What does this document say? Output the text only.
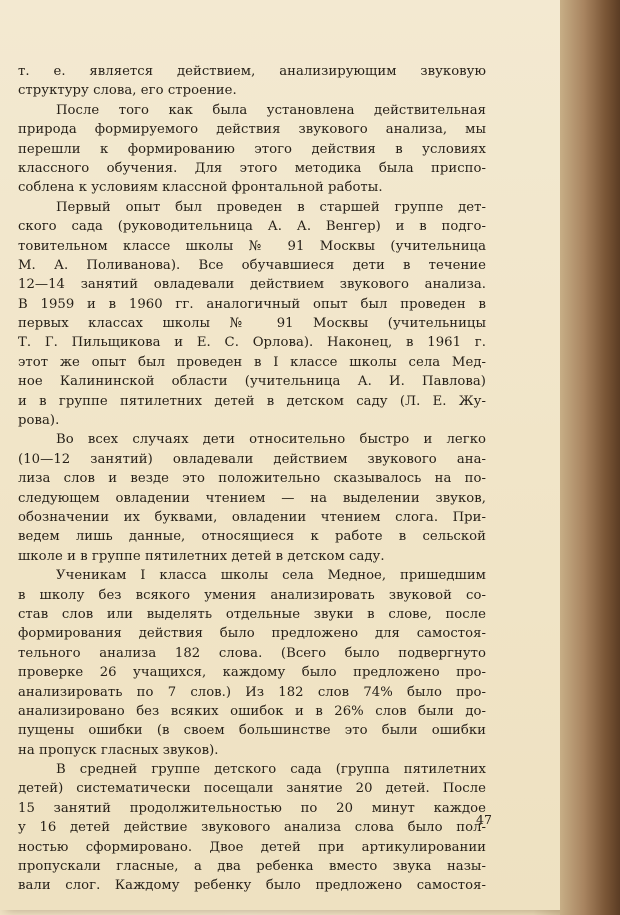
т. е. является действием, анализирующим звуковую
структуру слова, его строение.
После того как была установлена действительная
природа формируемого действия звукового анализа, мы
перешли к формированию этого действия в условиях
классного обучения. Для этого методика была приспо-
соблена к условиям классной фронтальной работы.
Первый опыт был проведен в старшей группе дет-
ского сада (руководительница А. А. Венгер) и в подго-
товительном классе школы № 91 Москвы (учительница
М. А. Поливанова). Все обучавшиеся дети в течение
12—14 занятий овладевали действием звукового анализа.
В 1959 и в 1960 гг. аналогичный опыт был проведен в
первых классах школы № 91 Москвы (учительницы
Т. Г. Пильщикова и Е. С. Орлова). Наконец, в 1961 г.
этот же опыт был проведен в I классе школы села Мед-
ное Калининской области (учительница А. И. Павлова)
и в группе пятилетних детей в детском саду (Л. Е. Жу-
рова).
Во всех случаях дети относительно быстро и легко
(10—12 занятий) овладевали действием звукового ана-
лиза слов и везде это положительно сказывалось на по-
следующем овладении чтением — на выделении звуков,
обозначении их буквами, овладении чтением слога. При-
ведем лишь данные, относящиеся к работе в сельской
школе и в группе пятилетних детей в детском саду.
Ученикам I класса школы села Медное, пришедшим
в школу без всякого умения анализировать звуковой со-
став слов или выделять отдельные звуки в слове, после
формирования действия было предложено для самостоя-
тельного анализа 182 слова. (Всего было подвергнуто
проверке 26 учащихся, каждому было предложено про-
анализировать по 7 слов.) Из 182 слов 74% было про-
анализировано без всяких ошибок и в 26% слов были до-
пущены ошибки (в своем большинстве это были ошибки
на пропуск гласных звуков).
В средней группе детского сада (группа пятилетних
детей) систематически посещали занятие 20 детей. После
15 занятий продолжительностью по 20 минут каждое
у 16 детей действие звукового анализа слова было пол-
ностью сформировано. Двое детей при артикулировании
пропускали гласные, а два ребенка вместо звука назы-
вали слог. Каждому ребенку было предложено самостоя-
47
